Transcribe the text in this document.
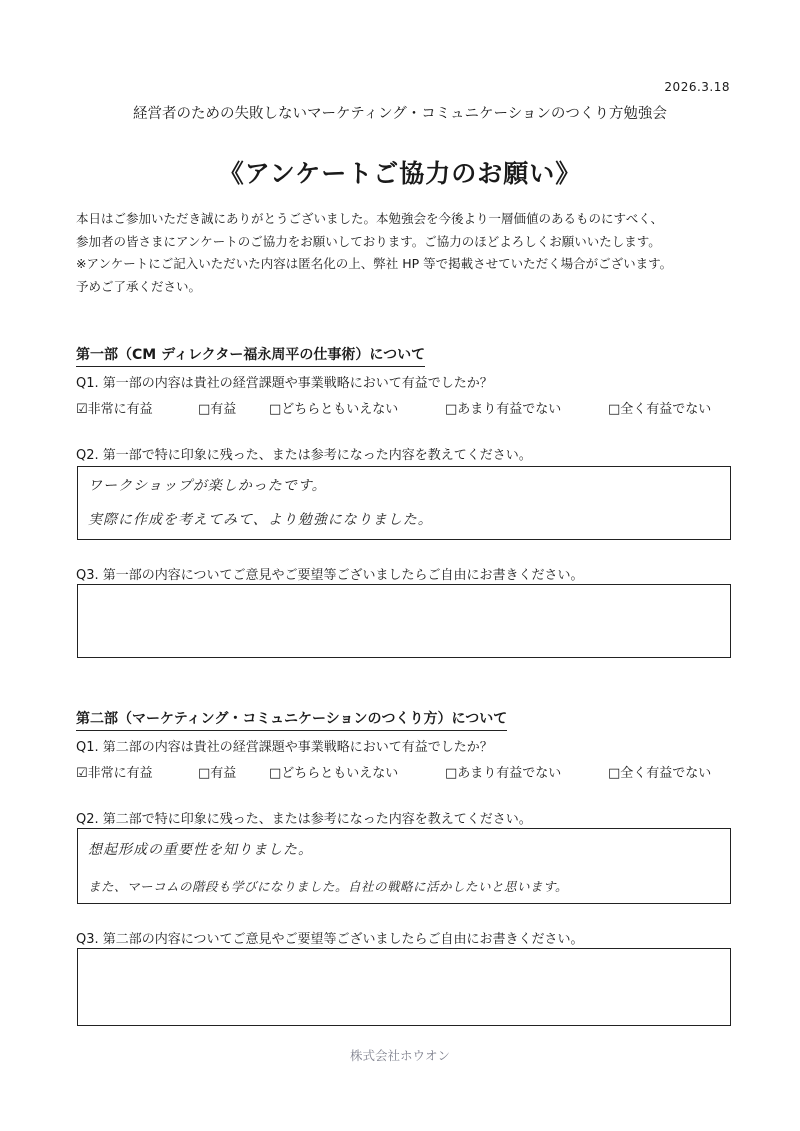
2026.3.18
経営者のための失敗しないマーケティング・コミュニケーションのつくり方勉強会
《アンケートご協力のお願い》
本日はご参加いただき誠にありがとうございました。本勉強会を今後より一層価値のあるものにすべく、
参加者の皆さまにアンケートのご協力をお願いしております。ご協力のほどよろしくお願いいたします。
※アンケートにご記入いただいた内容は匿名化の上、弊社 HP 等で掲載させていただく場合がございます。
予めご了承ください。
第一部（CM ディレクター福永周平の仕事術）について
Q1. 第一部の内容は貴社の経営課題や事業戦略において有益でしたか？
☑非常に有益	□有益	□どちらともいえない	□あまり有益でない	□全く有益でない
Q2. 第一部で特に印象に残った、または参考になった内容を教えてください。
ワークショップが楽しかったです。
実際に作成を考えてみて、より勉強になりました。
Q3. 第一部の内容についてご意見やご要望等ございましたらご自由にお書きください。
第二部（マーケティング・コミュニケーションのつくり方）について
Q1. 第二部の内容は貴社の経営課題や事業戦略において有益でしたか？
☑非常に有益	□有益	□どちらともいえない	□あまり有益でない	□全く有益でない
Q2. 第二部で特に印象に残った、または参考になった内容を教えてください。
想起形成の重要性を知りました。
また、マーコムの階段も学びになりました。自社の戦略に活かしたいと思います。
Q3. 第二部の内容についてご意見やご要望等ございましたらご自由にお書きください。
株式会社ホウオン
